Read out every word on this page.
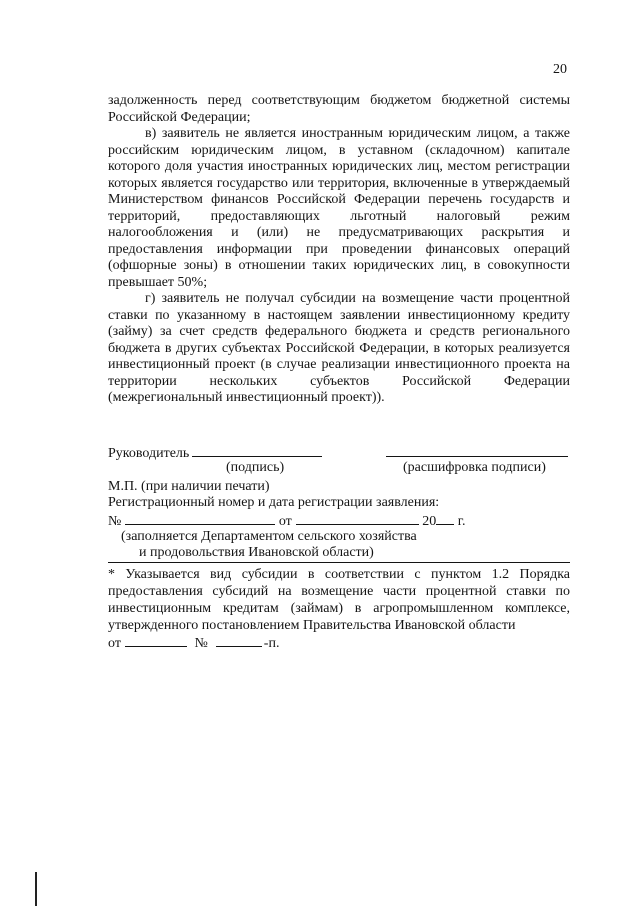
20

задолженность перед соответствующим бюджетом бюджетной системы Российской Федерации;

в) заявитель не является иностранным юридическим лицом, а также российским юридическим лицом, в уставном (складочном) капитале которого доля участия иностранных юридических лиц, местом регистрации которых является государство или территория, включенные в утверждаемый Министерством финансов Российской Федерации перечень государств и территорий, предоставляющих льготный налоговый режим налогообложения и (или) не предусматривающих раскрытия и предоставления информации при проведении финансовых операций (офшорные зоны) в отношении таких юридических лиц, в совокупности превышает 50%;

г) заявитель не получал субсидии на возмещение части процентной ставки по указанному в настоящем заявлении инвестиционному кредиту (займу) за счет средств федерального бюджета и средств регионального бюджета в других субъектах Российской Федерации, в которых реализуется инвестиционный проект (в случае реализации инвестиционного проекта на территории нескольких субъектов Российской Федерации (межрегиональный инвестиционный проект)).

Руководитель
(подпись)	(расшифровка подписи)
М.П. (при наличии печати)
Регистрационный номер и дата регистрации заявления:
№	от	20 г.
(заполняется Департаментом сельского хозяйства
и продовольствия Ивановской области)

* Указывается вид субсидии в соответствии с пунктом 1.2 Порядка предоставления субсидий на возмещение части процентной ставки по инвестиционным кредитам (займам) в агропромышленном комплексе, утвержденного постановлением Правительства Ивановской области

от	№	-п.
